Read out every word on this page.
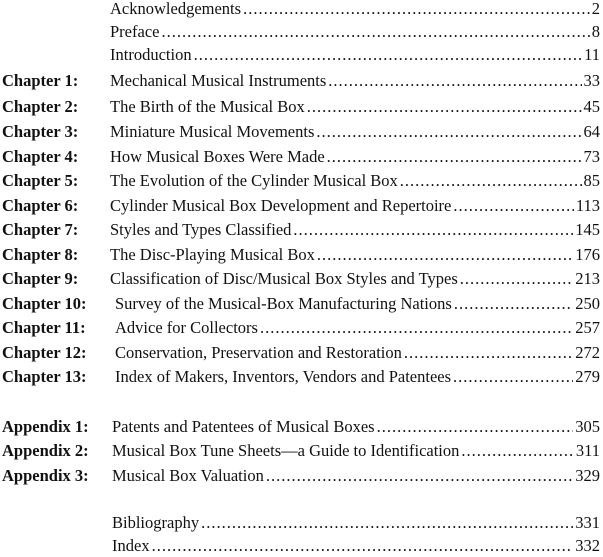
Acknowledgements .....	2
Preface .....	8
Introduction .....	11
Chapter 1: Mechanical Musical Instruments .....	33
Chapter 2: The Birth of the Musical Box .....	45
Chapter 3: Miniature Musical Movements .....	64
Chapter 4: How Musical Boxes Were Made .....	73
Chapter 5: The Evolution of the Cylinder Musical Box .....	85
Chapter 6: Cylinder Musical Box Development and Repertoire .....	113
Chapter 7: Styles and Types Classified .....	145
Chapter 8: The Disc-Playing Musical Box .....	176
Chapter 9: Classification of Disc/Musical Box Styles and Types .....	213
Chapter 10: Survey of the Musical-Box Manufacturing Nations .....	250
Chapter 11: Advice for Collectors .....	257
Chapter 12: Conservation, Preservation and Restoration .....	272
Chapter 13: Index of Makers, Inventors, Vendors and Patentees .....	279
Appendix 1: Patents and Patentees of Musical Boxes .....	305
Appendix 2: Musical Box Tune Sheets—a Guide to Identification .....	311
Appendix 3: Musical Box Valuation .....	329
Bibliography .....	331
Index .....	332
